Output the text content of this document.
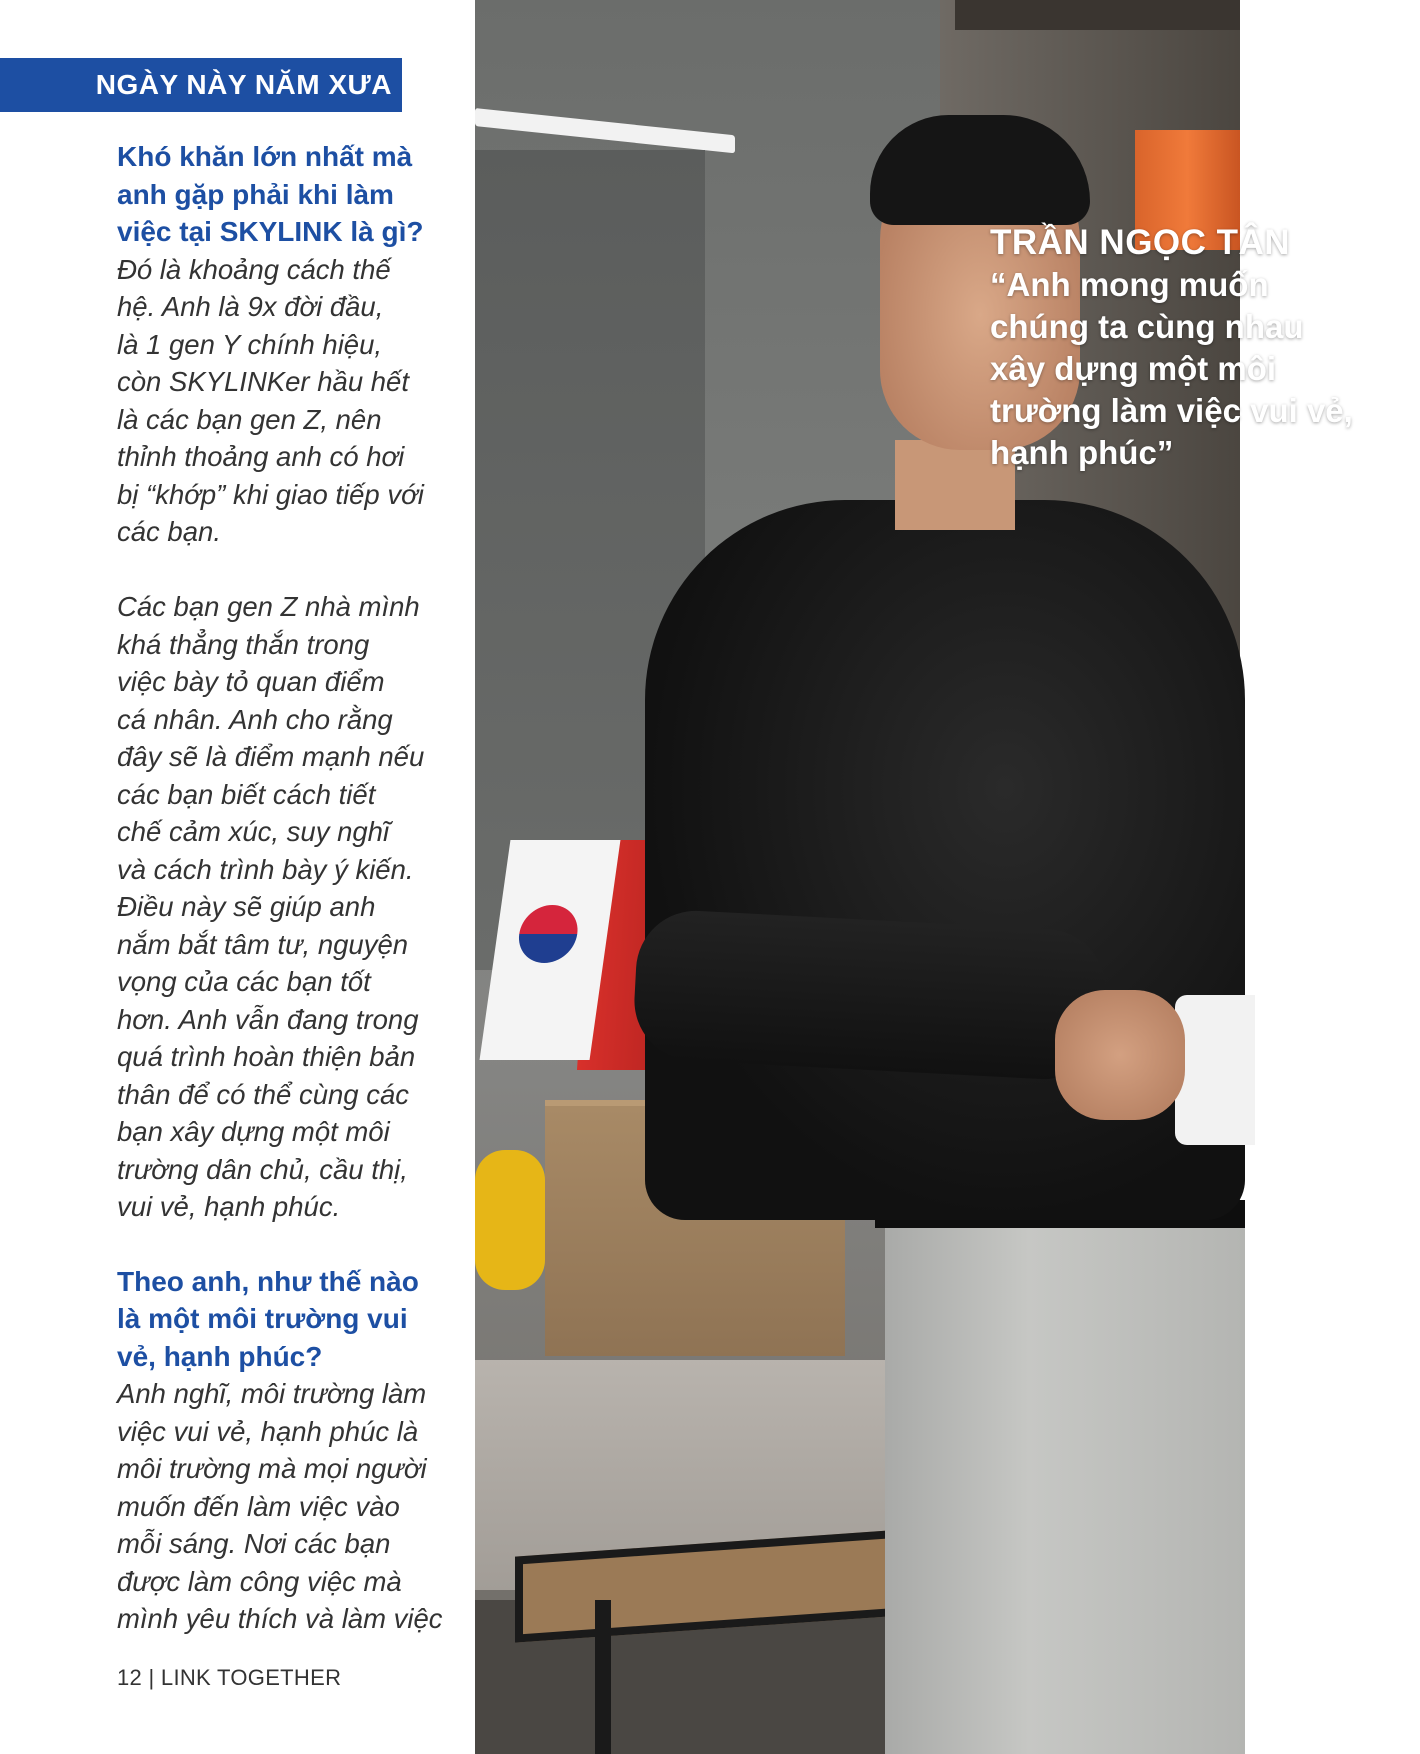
NGÀY NÀY NĂM XƯA

Khó khăn lớn nhất mà
anh gặp phải khi làm
việc tại SKYLINK là gì?

Đó là khoảng cách thế
hệ. Anh là 9x đời đầu,
là 1 gen Y chính hiệu,
còn SKYLINKer hầu hết
là các bạn gen Z, nên
thỉnh thoảng anh có hơi
bị “khớp” khi giao tiếp với
các bạn.

Các bạn gen Z nhà mình
khá thẳng thắn trong
việc bày tỏ quan điểm
cá nhân. Anh cho rằng
đây sẽ là điểm mạnh nếu
các bạn biết cách tiết
chế cảm xúc, suy nghĩ
và cách trình bày ý kiến.
Điều này sẽ giúp anh
nắm bắt tâm tư, nguyện
vọng của các bạn tốt
hơn. Anh vẫn đang trong
quá trình hoàn thiện bản
thân để có thể cùng các
bạn xây dựng một môi
trường dân chủ, cầu thị,
vui vẻ, hạnh phúc.

Theo anh, như thế nào
là một môi trường vui
vẻ, hạnh phúc?

Anh nghĩ, môi trường làm
việc vui vẻ, hạnh phúc là
môi trường mà mọi người
muốn đến làm việc vào
mỗi sáng. Nơi các bạn
được làm công việc mà
mình yêu thích và làm việc

12 | LINK TOGETHER
TRẦN NGỌC TÂN
“Anh mong muốn
chúng ta cùng nhau
xây dựng một môi
trường làm việc vui vẻ,
hạnh phúc”
